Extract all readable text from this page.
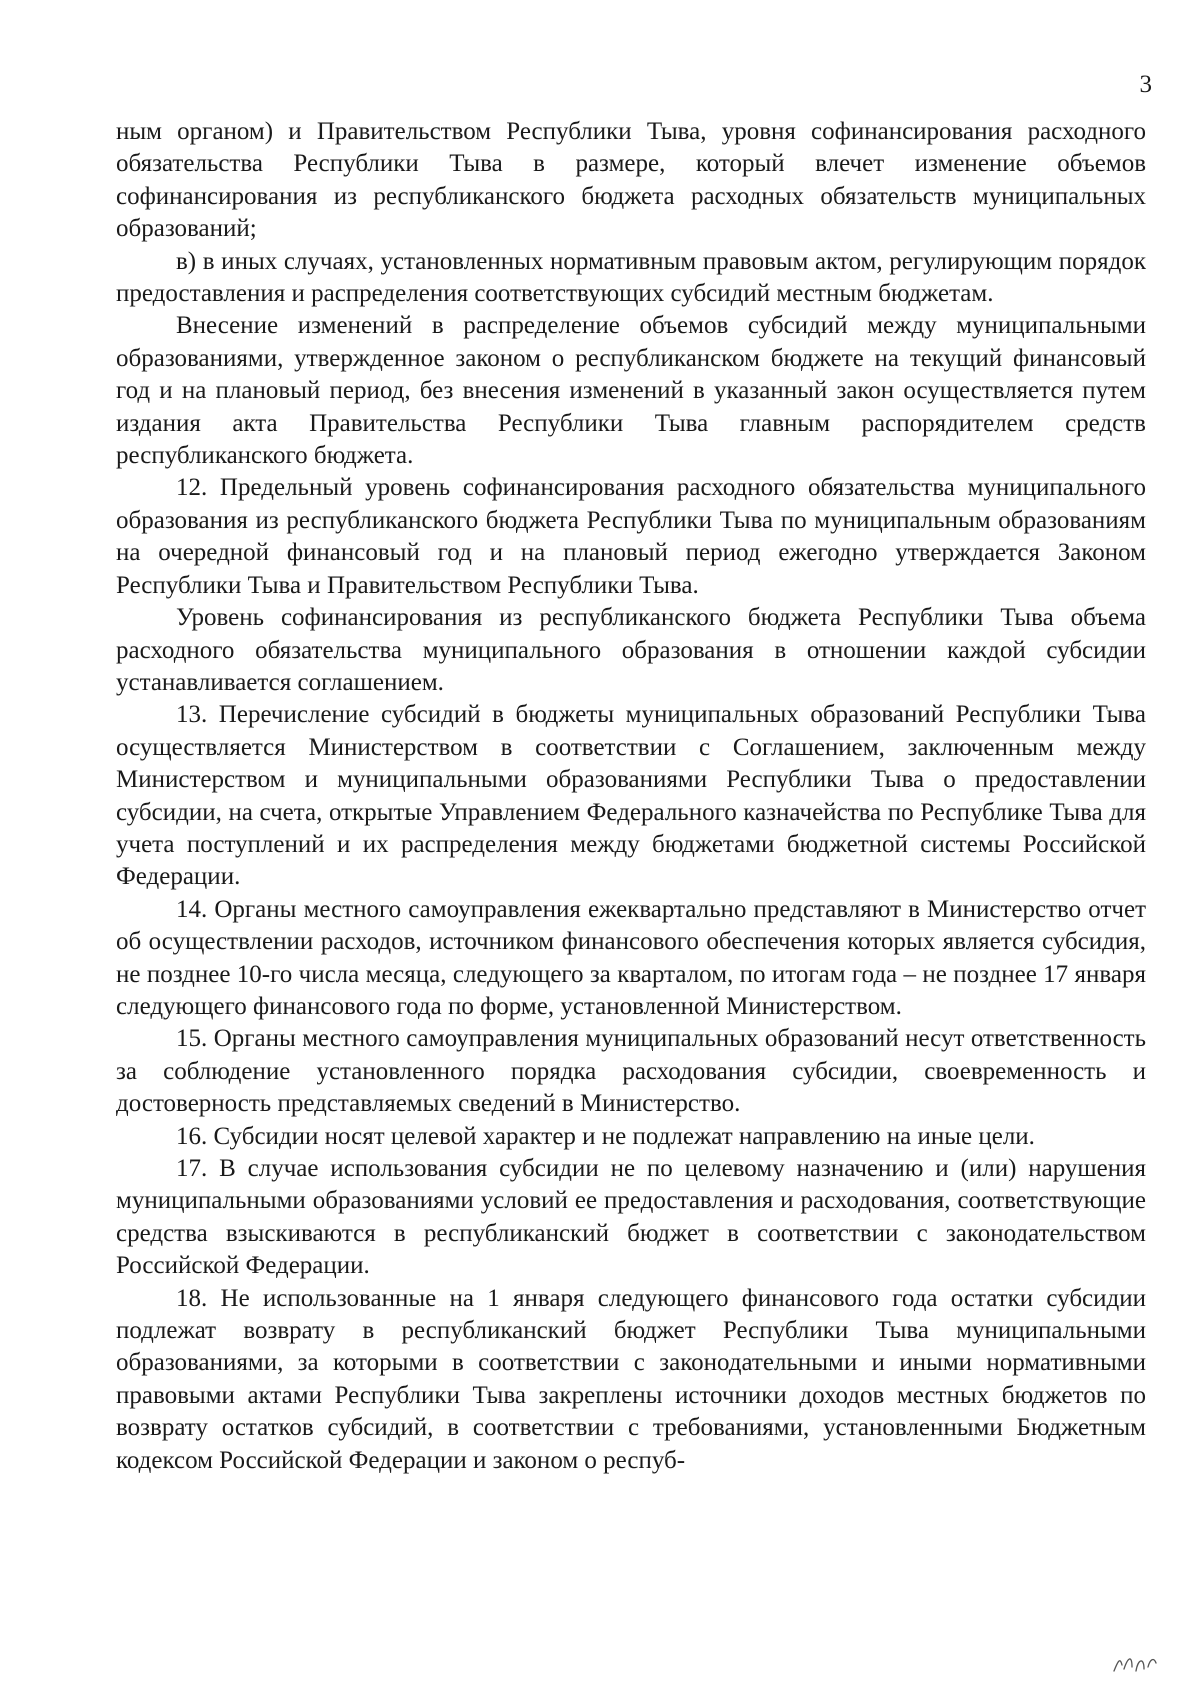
3

ным органом) и Правительством Республики Тыва, уровня софинансирования расходного обязательства Республики Тыва в размере, который влечет изменение объемов софинансирования из республиканского бюджета расходных обязательств муниципальных образований;

в) в иных случаях, установленных нормативным правовым актом, регулирующим порядок предоставления и распределения соответствующих субсидий местным бюджетам.

Внесение изменений в распределение объемов субсидий между муниципальными образованиями, утвержденное законом о республиканском бюджете на текущий финансовый год и на плановый период, без внесения изменений в указанный закон осуществляется путем издания акта Правительства Республики Тыва главным распорядителем средств республиканского бюджета.

12. Предельный уровень софинансирования расходного обязательства муниципального образования из республиканского бюджета Республики Тыва по муниципальным образованиям на очередной финансовый год и на плановый период ежегодно утверждается Законом Республики Тыва и Правительством Республики Тыва.

Уровень софинансирования из республиканского бюджета Республики Тыва объема расходного обязательства муниципального образования в отношении каждой субсидии устанавливается соглашением.

13. Перечисление субсидий в бюджеты муниципальных образований Республики Тыва осуществляется Министерством в соответствии с Соглашением, заключенным между Министерством и муниципальными образованиями Республики Тыва о предоставлении субсидии, на счета, открытые Управлением Федерального казначейства по Республике Тыва для учета поступлений и их распределения между бюджетами бюджетной системы Российской Федерации.

14. Органы местного самоуправления ежеквартально представляют в Министерство отчет об осуществлении расходов, источником финансового обеспечения которых является субсидия, не позднее 10-го числа месяца, следующего за кварталом, по итогам года – не позднее 17 января следующего финансового года по форме, установленной Министерством.

15. Органы местного самоуправления муниципальных образований несут ответственность за соблюдение установленного порядка расходования субсидии, своевременность и достоверность представляемых сведений в Министерство.

16. Субсидии носят целевой характер и не подлежат направлению на иные цели.

17. В случае использования субсидии не по целевому назначению и (или) нарушения муниципальными образованиями условий ее предоставления и расходования, соответствующие средства взыскиваются в республиканский бюджет в соответствии с законодательством Российской Федерации.

18. Не использованные на 1 января следующего финансового года остатки субсидии подлежат возврату в республиканский бюджет Республики Тыва муниципальными образованиями, за которыми в соответствии с законодательными и иными нормативными правовыми актами Республики Тыва закреплены источники доходов местных бюджетов по возврату остатков субсидий, в соответствии с требованиями, установленными Бюджетным кодексом Российской Федерации и законом о респуб-
